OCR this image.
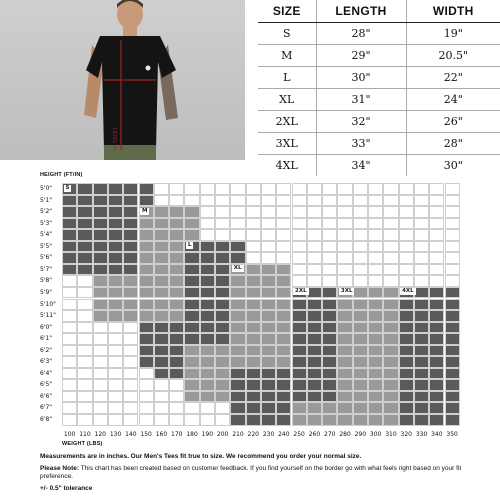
LENGTH
SIZE	LENGTH	WIDTH
S	28"	19"
M	29"	20.5"
L	30"	22"
XL	31"	24"
2XL	32"	26"
3XL	33"	28"
4XL	34"	30"
HEIGHT (FT/IN)
WEIGHT (LBS)
5'0"
5'1"
5'2"
5'3"
5'4"
5'5"
5'6"
5'7"
5'8"
5'9"
5'10"
5'11"
6'0"
6'1"
6'2"
6'3"
6'4"
6'5"
6'6"
6'7"
6'8"
100 110 120 130 140 150 160 170 180 190 200 210 220 230 240 250 260 270 280 290 300 310 320 330 340 350
S
M
L
XL
2XL	3XL	4XL

Measurements are in inches. Our Men's Tees fit true to size. We recommend you order your normal size.

Please Note: This chart has been created based on customer feedback. If you find yourself on the border go with what feels right based on your fit preference.

+/- 0.5" tolerance
